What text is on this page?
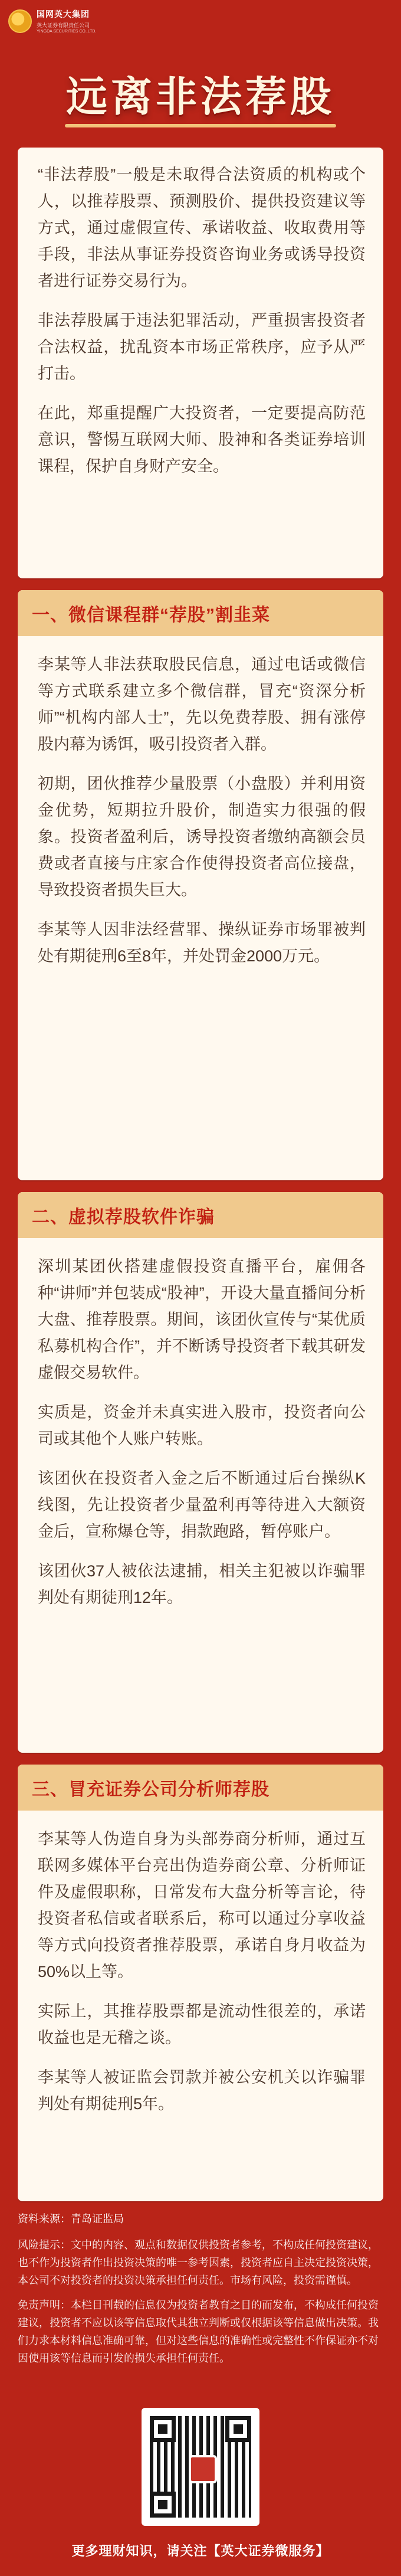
国网英大集团
英大证券有限责任公司
YINGDA SECURITIES CO.,LTD.
远离非法荐股

“非法荐股”一般是未取得合法资质的机构或个人，以推荐股票、预测股价、提供投资建议等方式，通过虚假宣传、承诺收益、收取费用等手段，非法从事证券投资咨询业务或诱导投资者进行证券交易行为。

非法荐股属于违法犯罪活动，严重损害投资者合法权益，扰乱资本市场正常秩序，应予从严打击。

在此，郑重提醒广大投资者，一定要提高防范意识，警惕互联网大师、股神和各类证券培训课程，保护自身财产安全。

一、微信课程群“荐股”割韭菜

李某等人非法获取股民信息，通过电话或微信等方式联系建立多个微信群，冒充“资深分析师”“机构内部人士”，先以免费荐股、拥有涨停股内幕为诱饵，吸引投资者入群。

初期，团伙推荐少量股票（小盘股）并利用资金优势，短期拉升股价，制造实力很强的假象。投资者盈利后，诱导投资者缴纳高额会员费或者直接与庄家合作使得投资者高位接盘，导致投资者损失巨大。

李某等人因非法经营罪、操纵证券市场罪被判处有期徒刑6至8年，并处罚金2000万元。

二、虚拟荐股软件诈骗

深圳某团伙搭建虚假投资直播平台，雇佣各种“讲师”并包装成“股神”，开设大量直播间分析大盘、推荐股票。期间，该团伙宣传与“某优质私募机构合作”，并不断诱导投资者下载其研发虚假交易软件。

实质是，资金并未真实进入股市，投资者向公司或其他个人账户转账。

该团伙在投资者入金之后不断通过后台操纵K线图，先让投资者少量盈利再等待进入大额资金后，宣称爆仓等，捐款跑路，暂停账户。

该团伙37人被依法逮捕，相关主犯被以诈骗罪判处有期徒刑12年。

三、冒充证券公司分析师荐股

李某等人伪造自身为头部券商分析师，通过互联网多媒体平台亮出伪造券商公章、分析师证件及虚假职称，日常发布大盘分析等言论，待投资者私信或者联系后，称可以通过分享收益等方式向投资者推荐股票，承诺自身月收益为50%以上等。

实际上，其推荐股票都是流动性很差的，承诺收益也是无稽之谈。

李某等人被证监会罚款并被公安机关以诈骗罪判处有期徒刑5年。

资料来源：青岛证监局
风险提示：文中的内容、观点和数据仅供投资者参考，不构成任何投资建议，也不作为投资者作出投资决策的唯一参考因素，投资者应自主决定投资决策，本公司不对投资者的投资决策承担任何责任。市场有风险，投资需谨慎。
免责声明：本栏目刊载的信息仅为投资者教育之目的而发布，不构成任何投资建议，投资者不应以该等信息取代其独立判断或仅根据该等信息做出决策。我们力求本材料信息准确可靠，但对这些信息的准确性或完整性不作保证亦不对因使用该等信息而引发的损失承担任何责任。
更多理财知识，请关注【英大证券微服务】
